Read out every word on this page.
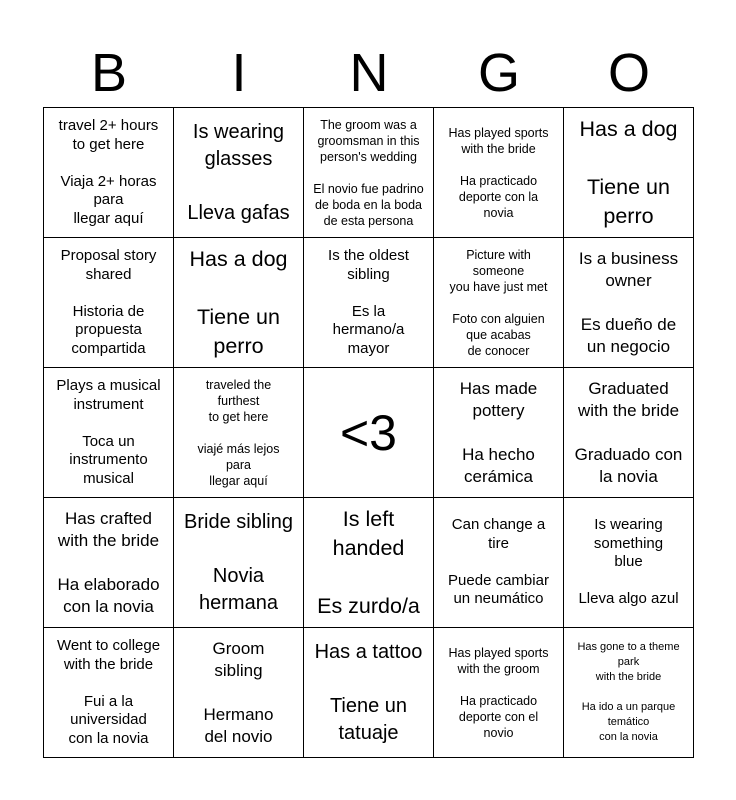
B	I	N	G	O
travel 2+ hours
to get here

Viaja 2+ horas
para
llegar aquí
Is wearing
glasses

Lleva gafas
The groom was a
groomsman in this
person's wedding

El novio fue padrino
de boda en la boda
de esta persona
Has played sports
with the bride

Ha practicado
deporte con la
novia
Has a dog

Tiene un
perro
Proposal story
shared

Historia de
propuesta
compartida
Has a dog

Tiene un
perro
Is the oldest
sibling

Es la
hermano/a
mayor
Picture with
someone
you have just met

Foto con alguien
que acabas
de conocer
Is a business
owner

Es dueño de
un negocio
Plays a musical
instrument

Toca un
instrumento
musical
traveled the
furthest
to get here

viajé más lejos
para
llegar aquí
<3
Has made
pottery

Ha hecho
cerámica
Graduated
with the bride

Graduado con
la novia
Has crafted
with the bride

Ha elaborado
con la novia
Bride sibling

Novia
hermana
Is left
handed

Es zurdo/a
Can change a
tire

Puede cambiar
un neumático
Is wearing
something
blue

Lleva algo azul
Went to college
with the bride

Fui a la
universidad
con la novia
Groom
sibling

Hermano
del novio
Has a tattoo

Tiene un
tatuaje
Has played sports
with the groom

Ha practicado
deporte con el
novio
Has gone to a theme
park
with the bride

Ha ido a un parque
temático
con la novia
